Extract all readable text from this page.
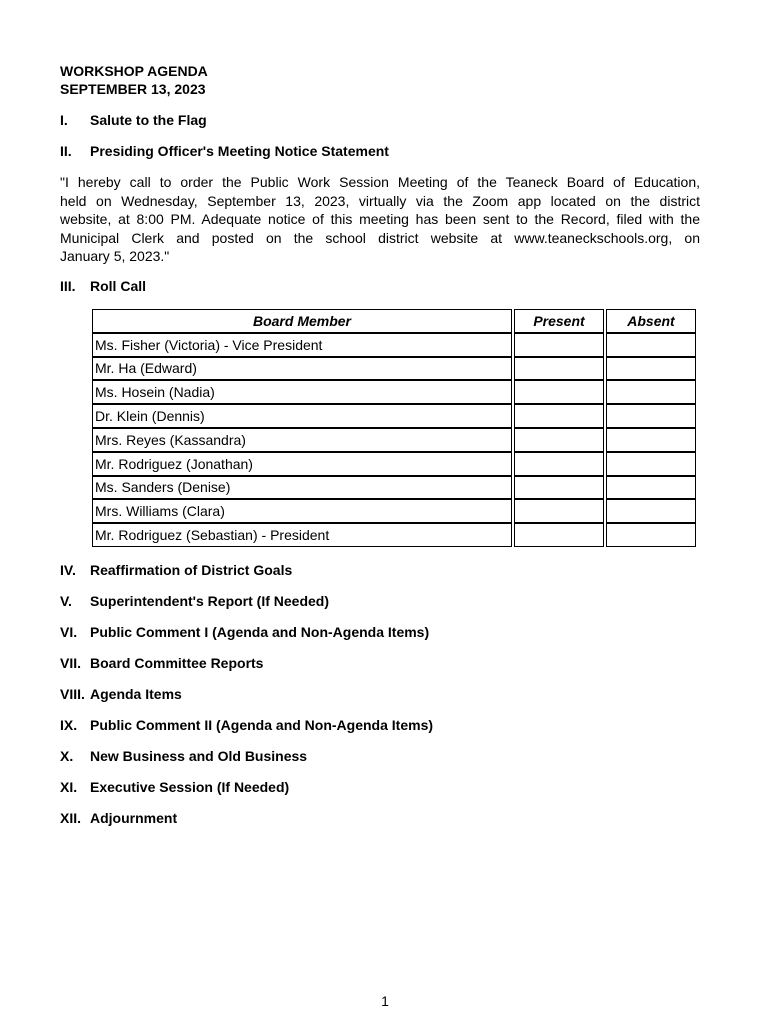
WORKSHOP AGENDA
SEPTEMBER 13, 2023
I. Salute to the Flag
II. Presiding Officer's Meeting Notice Statement
"I hereby call to order the Public Work Session Meeting of the Teaneck Board of Education,
held on Wednesday, September 13, 2023, virtually via the Zoom app located on the district
website, at 8:00 PM. Adequate notice of this meeting has been sent to the Record, filed with the
Municipal Clerk and posted on the school district website at www.teaneckschools.org, on
January 5, 2023."
III. Roll Call
Board Member	Present	Absent
Ms. Fisher (Victoria) - Vice President		
Mr. Ha (Edward)		
Ms. Hosein (Nadia)		
Dr. Klein (Dennis)		
Mrs. Reyes (Kassandra)		
Mr. Rodriguez (Jonathan)		
Ms. Sanders (Denise)		
Mrs. Williams (Clara)		
Mr. Rodriguez (Sebastian) - President		
IV. Reaffirmation of District Goals
V. Superintendent's Report (If Needed)
VI. Public Comment I (Agenda and Non-Agenda Items)
VII. Board Committee Reports
VIII. Agenda Items
IX. Public Comment II (Agenda and Non-Agenda Items)
X. New Business and Old Business
XI. Executive Session (If Needed)
XII. Adjournment
1
